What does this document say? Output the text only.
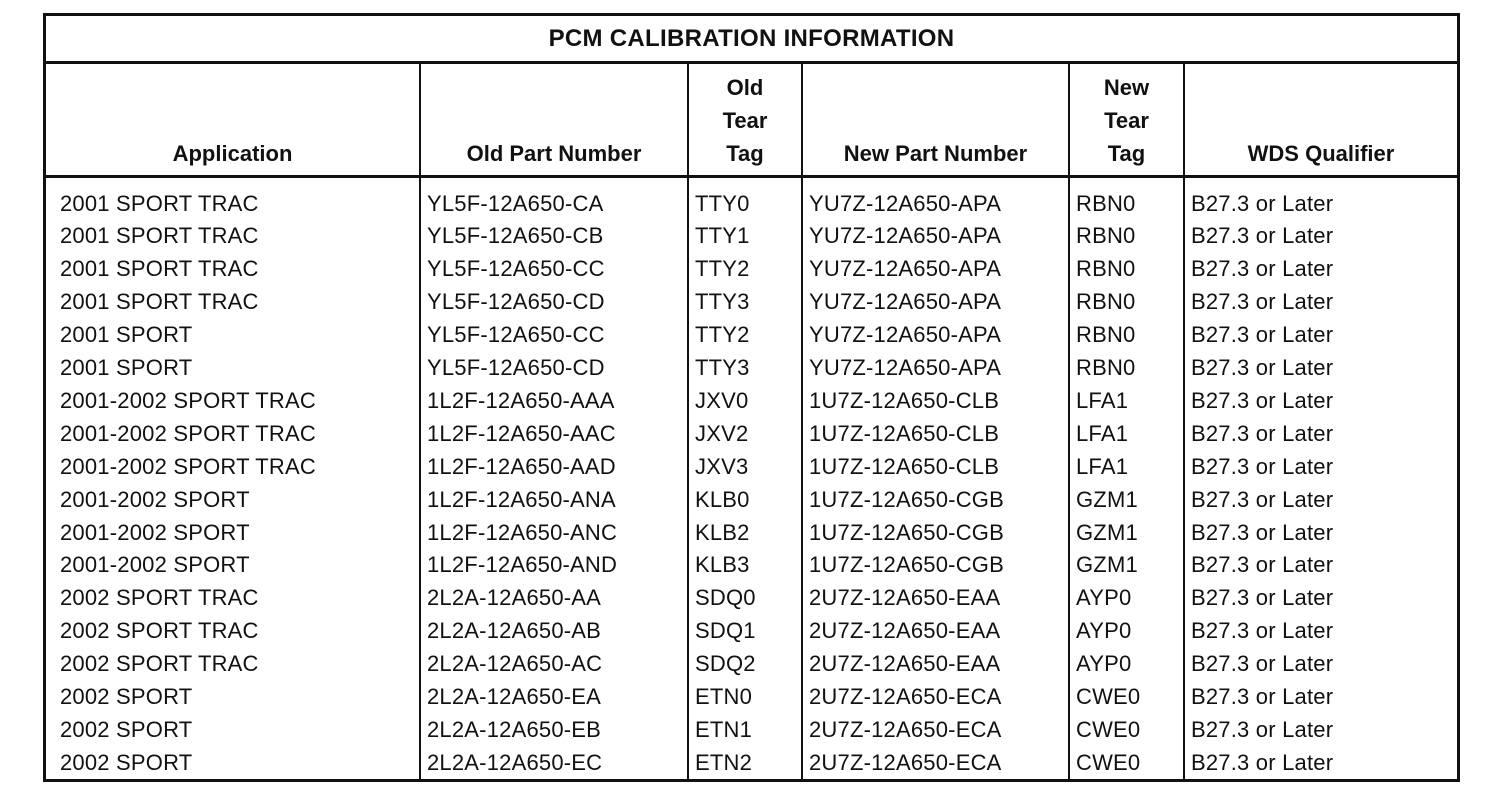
PCM CALIBRATION INFORMATION
Application	Old Part Number	Old
Tear
Tag	New Part Number	New
Tear
Tag	WDS Qualifier

2001 SPORT TRAC	YL5F-12A650-CA	TTY0	YU7Z-12A650-APA	RBN0	B27.3 or Later
2001 SPORT TRAC	YL5F-12A650-CB	TTY1	YU7Z-12A650-APA	RBN0	B27.3 or Later
2001 SPORT TRAC	YL5F-12A650-CC	TTY2	YU7Z-12A650-APA	RBN0	B27.3 or Later
2001 SPORT TRAC	YL5F-12A650-CD	TTY3	YU7Z-12A650-APA	RBN0	B27.3 or Later
2001 SPORT	YL5F-12A650-CC	TTY2	YU7Z-12A650-APA	RBN0	B27.3 or Later
2001 SPORT	YL5F-12A650-CD	TTY3	YU7Z-12A650-APA	RBN0	B27.3 or Later
2001-2002 SPORT TRAC	1L2F-12A650-AAA	JXV0	1U7Z-12A650-CLB	LFA1	B27.3 or Later
2001-2002 SPORT TRAC	1L2F-12A650-AAC	JXV2	1U7Z-12A650-CLB	LFA1	B27.3 or Later
2001-2002 SPORT TRAC	1L2F-12A650-AAD	JXV3	1U7Z-12A650-CLB	LFA1	B27.3 or Later
2001-2002 SPORT	1L2F-12A650-ANA	KLB0	1U7Z-12A650-CGB	GZM1	B27.3 or Later
2001-2002 SPORT	1L2F-12A650-ANC	KLB2	1U7Z-12A650-CGB	GZM1	B27.3 or Later
2001-2002 SPORT	1L2F-12A650-AND	KLB3	1U7Z-12A650-CGB	GZM1	B27.3 or Later
2002 SPORT TRAC	2L2A-12A650-AA	SDQ0	2U7Z-12A650-EAA	AYP0	B27.3 or Later
2002 SPORT TRAC	2L2A-12A650-AB	SDQ1	2U7Z-12A650-EAA	AYP0	B27.3 or Later
2002 SPORT TRAC	2L2A-12A650-AC	SDQ2	2U7Z-12A650-EAA	AYP0	B27.3 or Later
2002 SPORT	2L2A-12A650-EA	ETN0	2U7Z-12A650-ECA	CWE0	B27.3 or Later
2002 SPORT	2L2A-12A650-EB	ETN1	2U7Z-12A650-ECA	CWE0	B27.3 or Later
2002 SPORT	2L2A-12A650-EC	ETN2	2U7Z-12A650-ECA	CWE0	B27.3 or Later
